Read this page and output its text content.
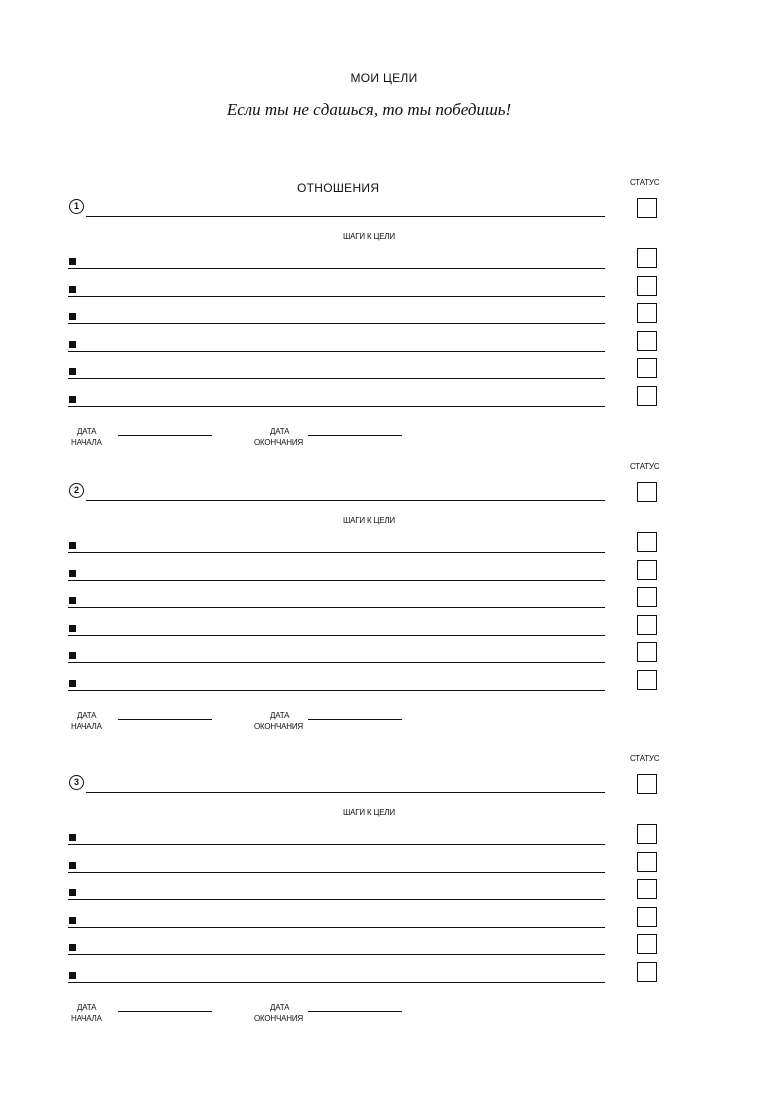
МОИ ЦЕЛИ
Если ты не сдашься, то ты победишь!
ОТНОШЕНИЯ	СТАТУС
1
ШАГИ К ЦЕЛИ
ДАТА
НАЧАЛА
ДАТА
ОКОНЧАНИЯ
СТАТУС
2
ШАГИ К ЦЕЛИ
ДАТА
НАЧАЛА
ДАТА
ОКОНЧАНИЯ
СТАТУС
3
ШАГИ К ЦЕЛИ
ДАТА
НАЧАЛА
ДАТА
ОКОНЧАНИЯ
